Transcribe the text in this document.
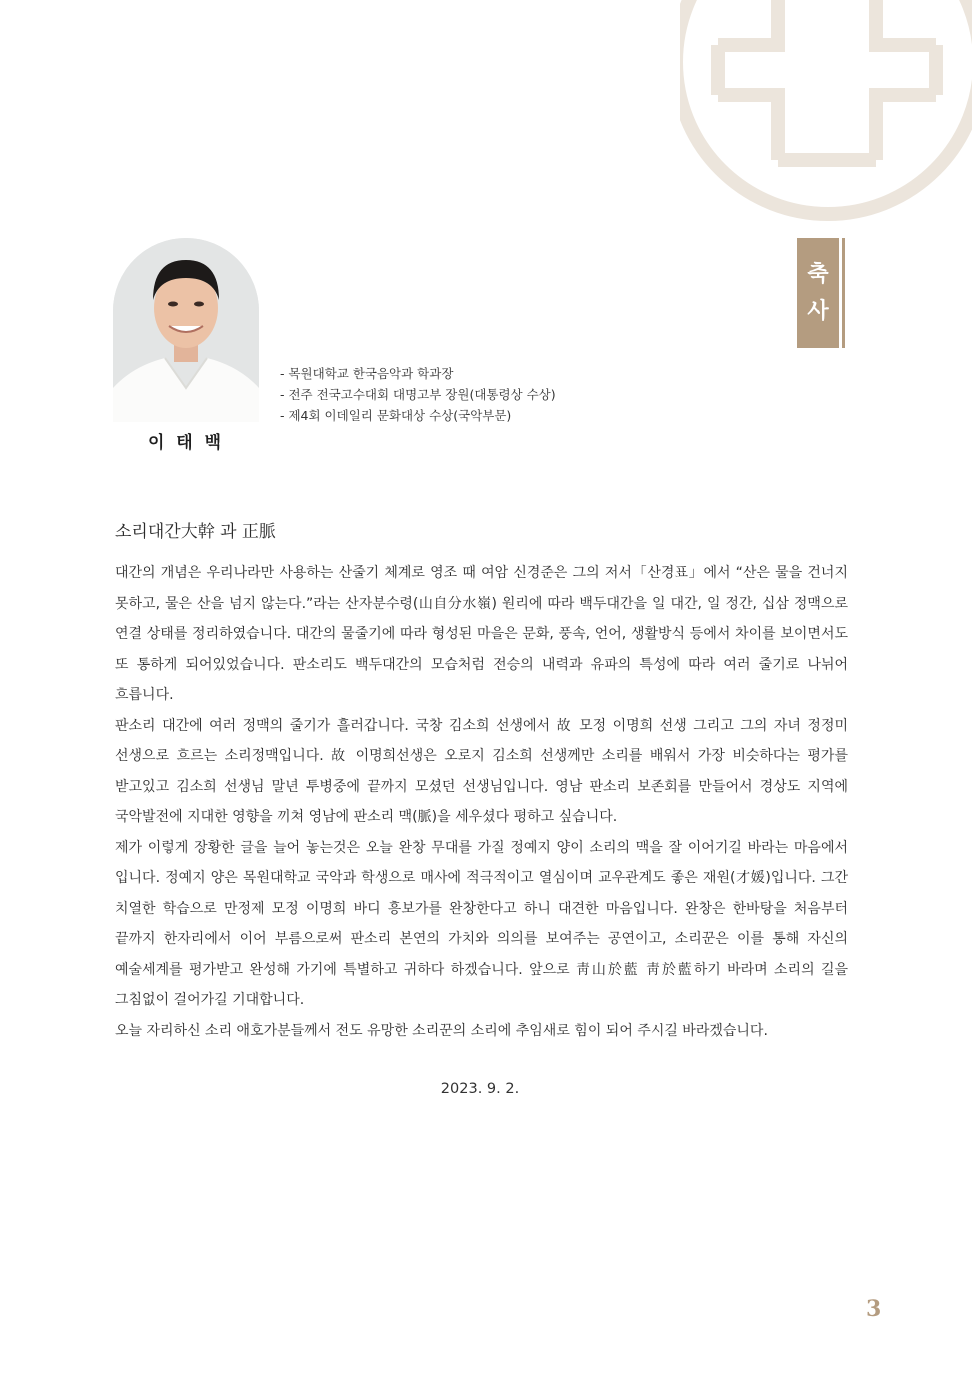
축
사
이 태 백
- 목원대학교 한국음악과 학과장
- 전주 전국고수대회 대명고부 장원(대통령상 수상)
- 제4회 이데일리 문화대상 수상(국악부문)
소리대간大幹 과 正脈

대간의 개념은 우리나라만 사용하는 산줄기 체계로 영조 때 여암 신경준은 그의 저서「산경표」에서 “산은 물을 건너지 못하고, 물은 산을 넘지 않는다.”라는 산자분수령(山自分水嶺) 원리에 따라 백두대간을 일 대간, 일 정간, 십삼 정맥으로 연결 상태를 정리하였습니다. 대간의 물줄기에 따라 형성된 마을은 문화, 풍속, 언어, 생활방식 등에서 차이를 보이면서도 또 통하게 되어있었습니다. 판소리도 백두대간의 모습처럼 전승의 내력과 유파의 특성에 따라 여러 줄기로 나뉘어 흐릅니다.

판소리 대간에 여러 정맥의 줄기가 흘러갑니다. 국창 김소희 선생에서 故 모정 이명희 선생 그리고 그의 자녀 정정미 선생으로 흐르는 소리정맥입니다. 故 이명희선생은 오로지 김소희 선생께만 소리를 배워서 가장 비슷하다는 평가를 받고있고 김소희 선생님 말년 투병중에 끝까지 모셨던 선생님입니다. 영남 판소리 보존회를 만들어서 경상도 지역에 국악발전에 지대한 영향을 끼쳐 영남에 판소리 맥(脈)을 세우셨다 평하고 싶습니다.

제가 이렇게 장황한 글을 늘어 놓는것은 오늘 완창 무대를 가질 정예지 양이 소리의 맥을 잘 이어기길 바라는 마음에서 입니다. 정예지 양은 목원대학교 국악과 학생으로 매사에 적극적이고 열심이며 교우관계도 좋은 재원(才媛)입니다. 그간 치열한 학습으로 만정제 모정 이명희 바디 흥보가를 완창한다고 하니 대견한 마음입니다. 완창은 한바탕을 처음부터 끝까지 한자리에서 이어 부름으로써 판소리 본연의 가치와 의의를 보여주는 공연이고, 소리꾼은 이를 통해 자신의 예술세계를 평가받고 완성해 가기에 특별하고 귀하다 하겠습니다. 앞으로 靑山於藍 靑於藍하기 바라며 소리의 길을 그침없이 걸어가길 기대합니다.

오늘 자리하신 소리 애호가분들께서 전도 유망한 소리꾼의 소리에 추임새로 힘이 되어 주시길 바라겠습니다.

2023. 9. 2.
3
